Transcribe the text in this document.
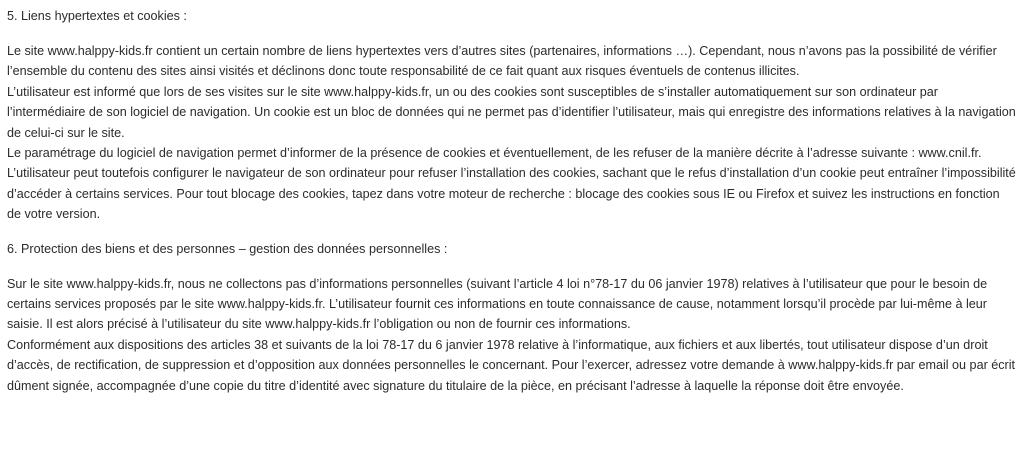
5. Liens hypertextes et cookies :

Le site www.halppy-kids.fr contient un certain nombre de liens hypertextes vers d’autres sites (partenaires, informations …). Cependant, nous n’avons pas la possibilité de vérifier l’ensemble du contenu des sites ainsi visités et déclinons donc toute responsabilité de ce fait quant aux risques éventuels de contenus illicites.

L’utilisateur est informé que lors de ses visites sur le site www.halppy-kids.fr, un ou des cookies sont susceptibles de s’installer automatiquement sur son ordinateur par l’intermédiaire de son logiciel de navigation. Un cookie est un bloc de données qui ne permet pas d’identifier l’utilisateur, mais qui enregistre des informations relatives à la navigation de celui-ci sur le site.

Le paramétrage du logiciel de navigation permet d’informer de la présence de cookies et éventuellement, de les refuser de la manière décrite à l’adresse suivante : www.cnil.fr. L’utilisateur peut toutefois configurer le navigateur de son ordinateur pour refuser l’installation des cookies, sachant que le refus d’installation d’un cookie peut entraîner l’impossibilité d’accéder à certains services. Pour tout blocage des cookies, tapez dans votre moteur de recherche : blocage des cookies sous IE ou Firefox et suivez les instructions en fonction de votre version.

6. Protection des biens et des personnes – gestion des données personnelles :

Sur le site www.halppy-kids.fr, nous ne collectons pas d’informations personnelles (suivant l’article 4 loi n°78-17 du 06 janvier 1978) relatives à l’utilisateur que pour le besoin de certains services proposés par le site www.halppy-kids.fr. L’utilisateur fournit ces informations en toute connaissance de cause, notamment lorsqu’il procède par lui-même à leur saisie. Il est alors précisé à l’utilisateur du site www.halppy-kids.fr l’obligation ou non de fournir ces informations.

Conformément aux dispositions des articles 38 et suivants de la loi 78-17 du 6 janvier 1978 relative à l’informatique, aux fichiers et aux libertés, tout utilisateur dispose d’un droit d’accès, de rectification, de suppression et d’opposition aux données personnelles le concernant. Pour l’exercer, adressez votre demande à www.halppy-kids.fr par email ou par écrit dûment signée, accompagnée d’une copie du titre d’identité avec signature du titulaire de la pièce, en précisant l’adresse à laquelle la réponse doit être envoyée.
